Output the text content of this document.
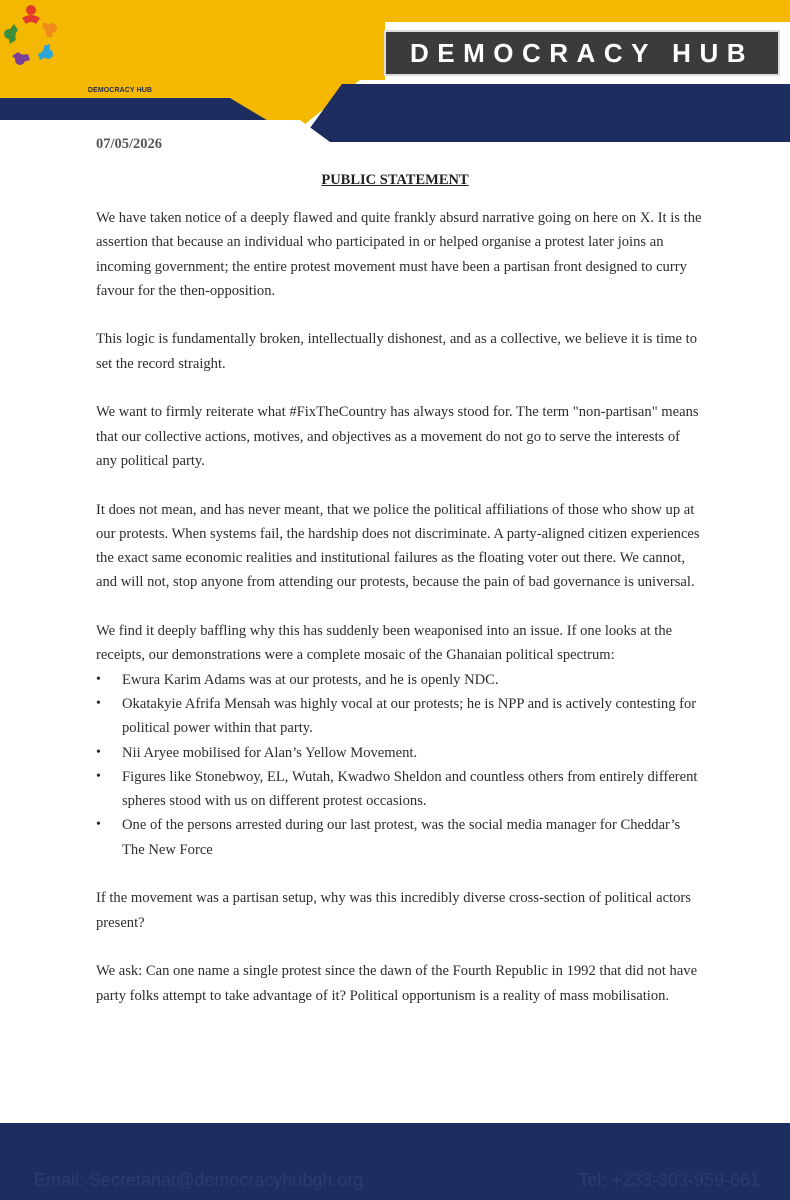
DEMOCRACY HUB
DEMOCRACY HUB
07/05/2026
PUBLIC STATEMENT

We have taken notice of a deeply flawed and quite frankly absurd narrative going on here on X. It is the assertion that because an individual who participated in or helped organise a protest later joins an incoming government; the entire protest movement must have been a partisan front designed to curry favour for the then-opposition.

This logic is fundamentally broken, intellectually dishonest, and as a collective, we believe it is time to set the record straight.

We want to firmly reiterate what #FixTheCountry has always stood for. The term "non-partisan" means that our collective actions, motives, and objectives as a movement do not go to serve the interests of any political party.

It does not mean, and has never meant, that we police the political affiliations of those who show up at our protests. When systems fail, the hardship does not discriminate. A party-aligned citizen experiences the exact same economic realities and institutional failures as the floating voter out there. We cannot, and will not, stop anyone from attending our protests, because the pain of bad governance is universal.

We find it deeply baffling why this has suddenly been weaponised into an issue. If one looks at the receipts, our demonstrations were a complete mosaic of the Ghanaian political spectrum:

• Ewura Karim Adams was at our protests, and he is openly NDC.
• Okatakyie Afrifa Mensah was highly vocal at our protests; he is NPP and is actively contesting for political power within that party.
• Nii Aryee mobilised for Alan’s Yellow Movement.
• Figures like Stonebwoy, EL, Wutah, Kwadwo Sheldon and countless others from entirely different spheres stood with us on different protest occasions.
• One of the persons arrested during our last protest, was the social media manager for Cheddar’s The New Force

If the movement was a partisan setup, why was this incredibly diverse cross-section of political actors present?

We ask: Can one name a single protest since the dawn of the Fourth Republic in 1992 that did not have party folks attempt to take advantage of it? Political opportunism is a reality of mass mobilisation.

Email: Secretariat@democracyhubgh.org	Tel: +233-303-959-661
